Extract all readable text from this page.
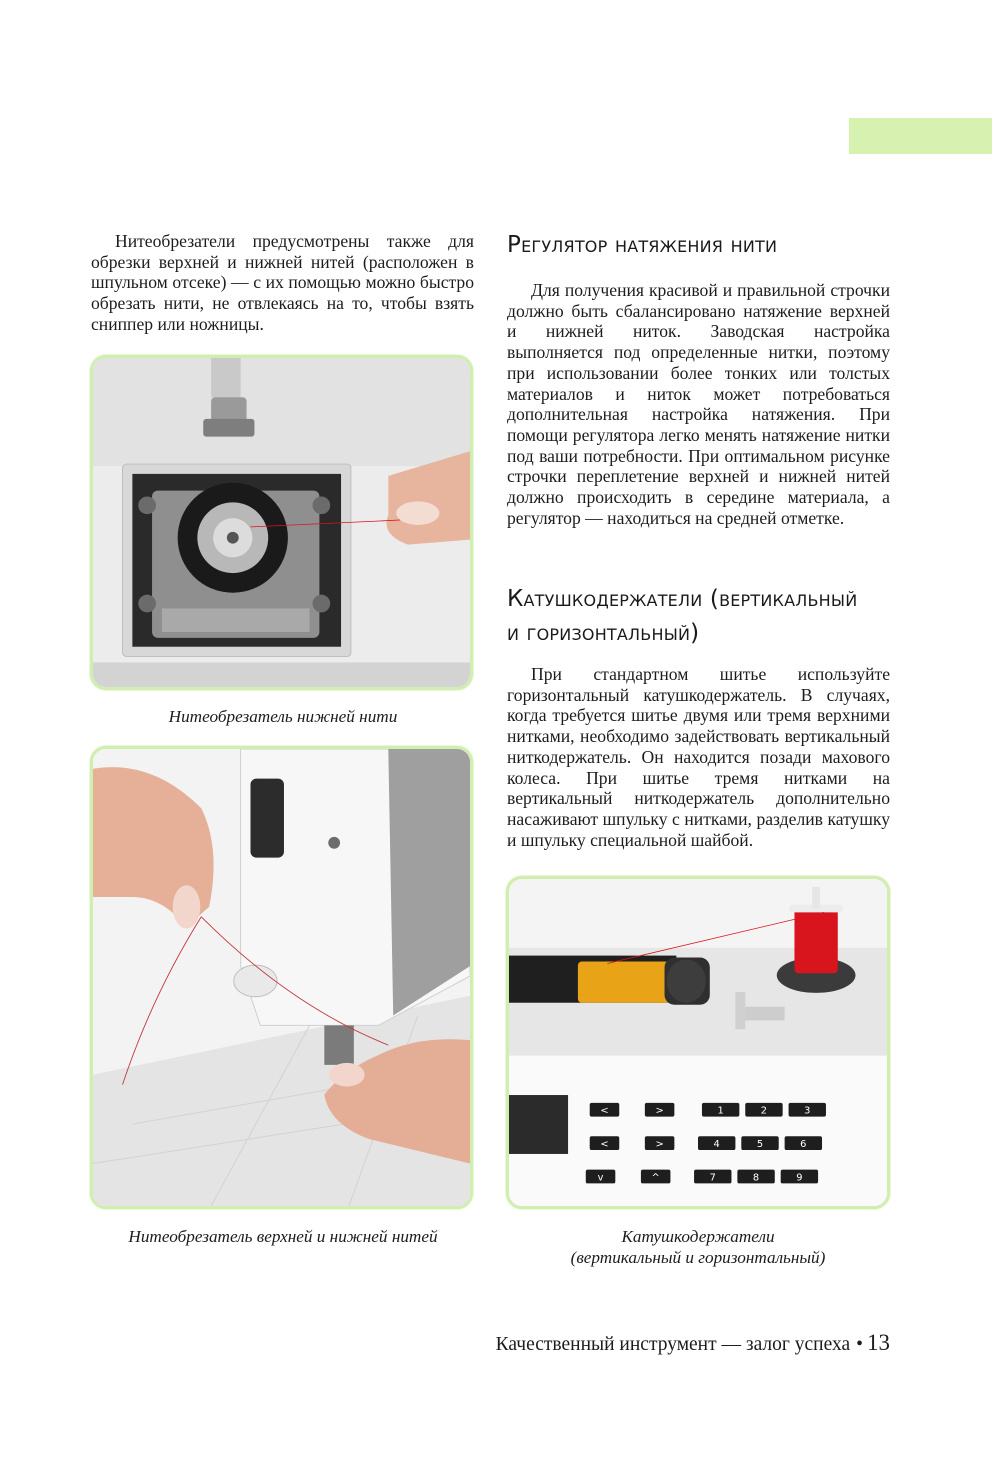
Нитеобрезатели предусмотрены также для обрезки верхней и нижней нитей (расположен в шпульном отсеке) — с их помощью можно быстро обрезать нити, не отвлекаясь на то, чтобы взять сниппер или ножницы.

Регулятор натяжения нити

Для получения красивой и правильной строчки должно быть сбалансировано натяжение верхней и нижней ниток. Заводская настройка выполняется под определенные нитки, поэтому при использовании более тонких или толстых материалов и ниток может потребоваться дополнительная настройка натяжения. При помощи регулятора легко менять натяжение нитки под ваши потребности. При оптимальном рисунке строчки переплетение верхней и нижней нитей должно происходить в середине материала, а регулятор — находиться на средней отметке.

Катушкодержатели (вертикальный
и горизонтальный)

При стандартном шитье используйте горизонтальный катушкодержатель. В случаях, когда требуется шитье двумя или тремя верхними нитками, необходимо задействовать вертикальный ниткодержатель. Он находится позади махового колеса. При шитье тремя нитками на вертикальный ниткодержатель дополнительно насаживают шпульку с нитками, разделив катушку и шпульку специальной шайбой.

Нитеобрезатель нижней нити

Нитеобрезатель верхней и нижней нитей

<	>
<	>
v	^
1	2	3
4	5	6
7	8	9

Катушкодержатели
(вертикальный и горизонтальный)

Качественный инструмент — залог успеха • 13
